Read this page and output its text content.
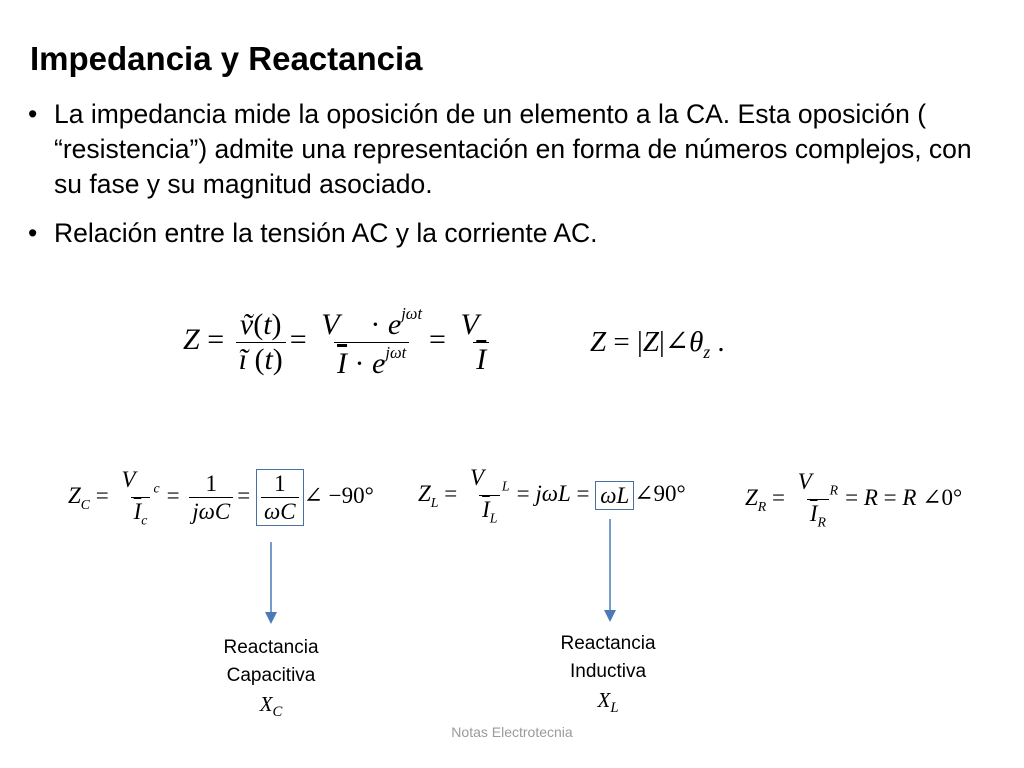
Impedancia y Reactancia
• La impedancia mide la oposición de un elemento a la CA. Esta oposición ( “resistencia”) admite una representación en forma de números complejos, con su fase y su magnitud asociado.
• Relación entre la tensión AC y la corriente AC.
$Z = \frac{\text{ṽ(t)}}{ĩ (t)} = \frac{V⃗ \cdot e^{j\omega t}}{\overline{I} \cdot e^{j\omega t}} = \frac{V⃗}{I}$	$Z = |Z|\angle\theta_z$ .
$Z_C = \frac{V⃗_c}{\overline{I}_c} = \frac{1}{\text{jωC}} = \frac{1}{\omega C}$ ∠ −90° $Z_L = \frac{V⃗_L}{\overline{I}_L} = j\omega L = \omega L$ ∠90°	$Z_R = \frac{V⃗_R}{\overline{I}_R} = R = R$ ∠0°
Reactancia
Capacitiva
$X_C$
Reactancia
Inductiva
$X_L$
Notas Electrotecnia
